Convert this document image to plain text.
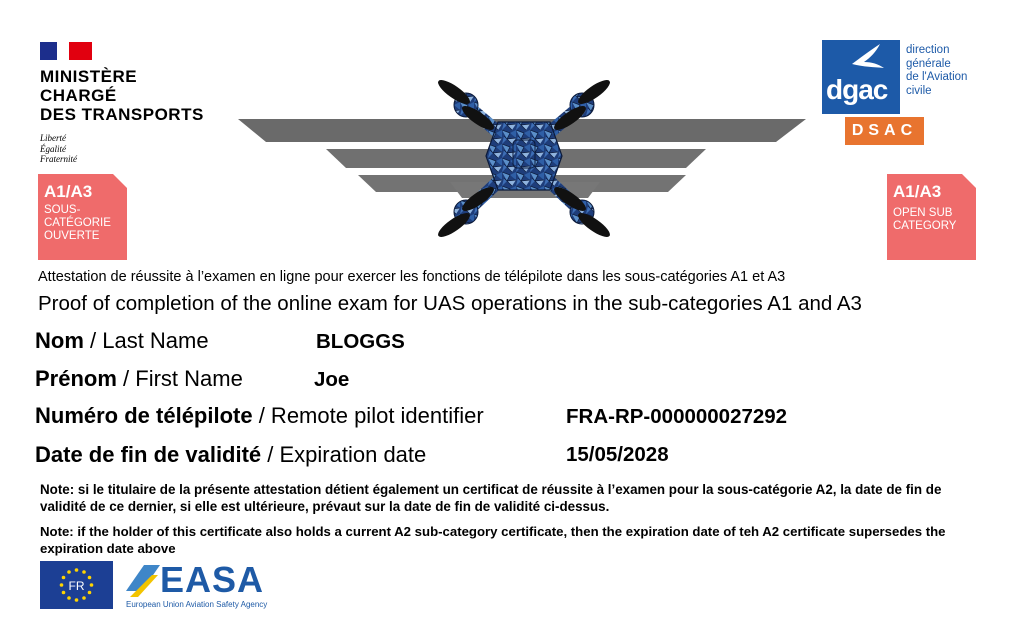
MINISTÈRE
CHARGÉ
DES TRANSPORTS
Liberté
Égalité
Fraternité
A1/A3
SOUS-
CATÉGORIE
OUVERTE
A1/A3
OPEN SUB
CATEGORY
dgac
DSAC
direction
générale
de l'Aviation
civile
Attestation de réussite à l’examen en ligne pour exercer les fonctions de télépilote dans les sous-catégories A1 et A3
Proof of completion of the online exam for UAS operations in the sub-categories A1 and A3
Nom / Last Name	BLOGGS
Prénom / First Name	Joe
Numéro de télépilote / Remote pilot identifier	FRA-RP-000000027292
Date de fin de validité / Expiration date	15/05/2028
Note: si le titulaire de la présente attestation détient également un certificat de réussite à l’examen pour la sous-catégorie A2, la date de fin de validité de ce dernier, si elle est ultérieure, prévaut sur la date de fin de validité ci-dessus.
Note: if the holder of this certificate also holds a current A2 sub-category certificate, then the expiration date of teh A2 certificate supersedes the expiration date above
FR EASA
European Union Aviation Safety Agency
